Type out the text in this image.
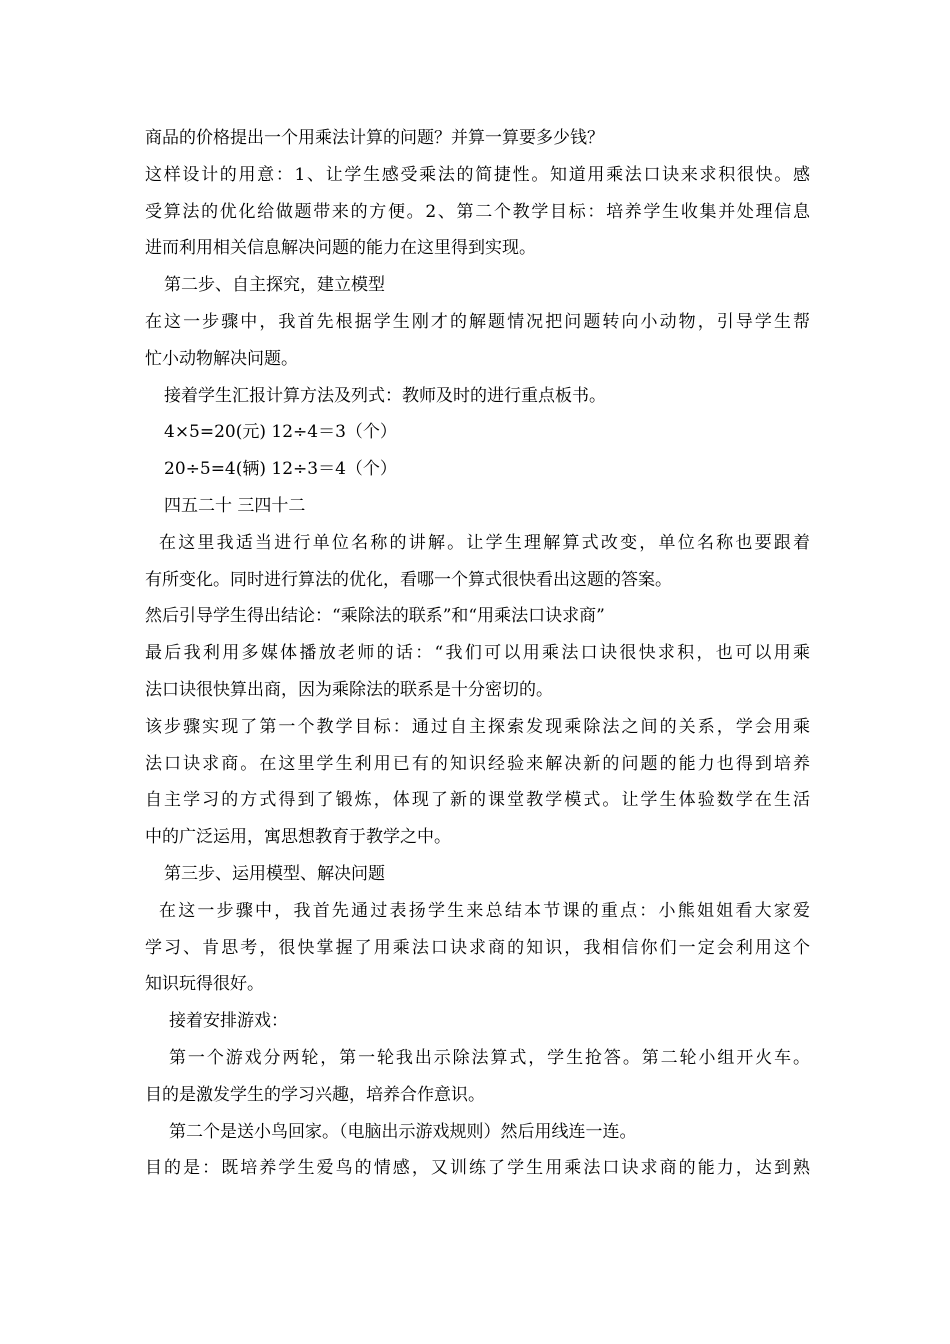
商品的价格提出一个用乘法计算的问题？并算一算要多少钱？
这样设计的用意：1、让学生感受乘法的简捷性。知道用乘法口诀来求积很快。感
受算法的优化给做题带来的方便。2、第二个教学目标：培养学生收集并处理信息
进而利用相关信息解决问题的能力在这里得到实现。
第二步、自主探究，建立模型
在这一步骤中，我首先根据学生刚才的解题情况把问题转向小动物，引导学生帮
忙小动物解决问题。
接着学生汇报计算方法及列式：教师及时的进行重点板书。
4×5=20(元) 12÷4＝3（个）
20÷5=4(辆) 12÷3＝4（个）
四五二十 三四十二
在这里我适当进行单位名称的讲解。让学生理解算式改变，单位名称也要跟着
有所变化。同时进行算法的优化，看哪一个算式很快看出这题的答案。
然后引导学生得出结论：“乘除法的联系”和“用乘法口诀求商”
最后我利用多媒体播放老师的话：“我们可以用乘法口诀很快求积，也可以用乘
法口诀很快算出商，因为乘除法的联系是十分密切的。
该步骤实现了第一个教学目标：通过自主探索发现乘除法之间的关系，学会用乘
法口诀求商。在这里学生利用已有的知识经验来解决新的问题的能力也得到培养
自主学习的方式得到了锻炼，体现了新的课堂教学模式。让学生体验数学在生活
中的广泛运用，寓思想教育于教学之中。
第三步、运用模型、解决问题
在这一步骤中，我首先通过表扬学生来总结本节课的重点：小熊姐姐看大家爱
学习、肯思考，很快掌握了用乘法口诀求商的知识，我相信你们一定会利用这个
知识玩得很好。
接着安排游戏：
第一个游戏分两轮，第一轮我出示除法算式，学生抢答。第二轮小组开火车。
目的是激发学生的学习兴趣，培养合作意识。
第二个是送小鸟回家。（电脑出示游戏规则）然后用线连一连。
目的是：既培养学生爱鸟的情感，又训练了学生用乘法口诀求商的能力，达到熟
